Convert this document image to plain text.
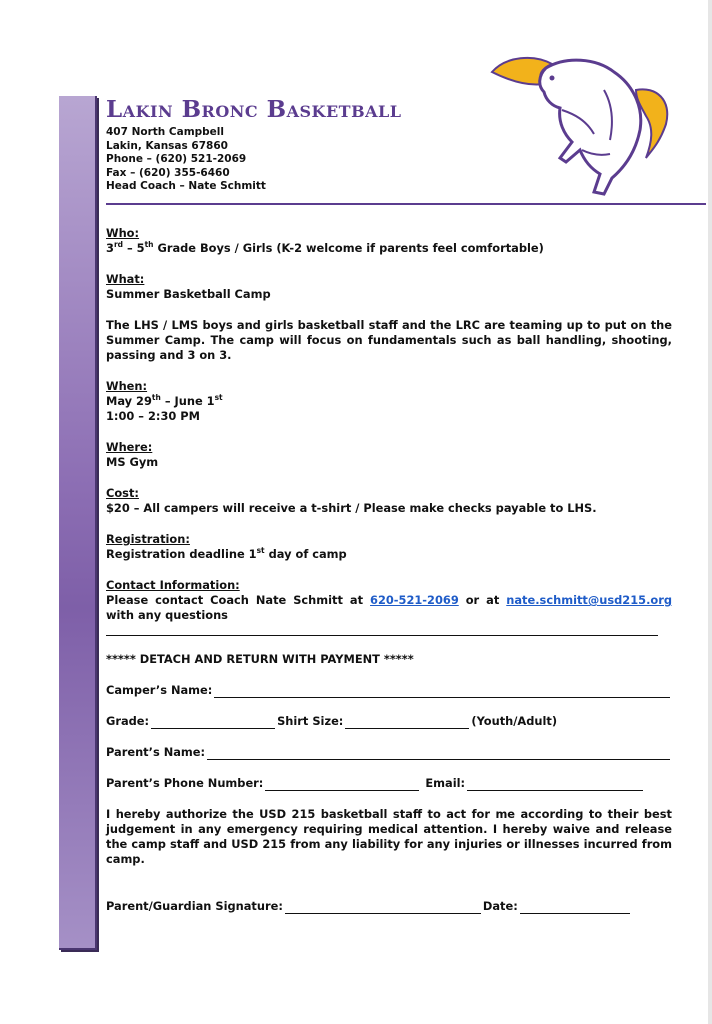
Lakin Bronc Basketball
407 North Campbell
Lakin, Kansas 67860
Phone – (620) 521-2069
Fax – (620) 355-6460
Head Coach – Nate Schmitt
Who:
3rd – 5th Grade Boys / Girls (K-2 welcome if parents feel comfortable)
What:
Summer Basketball Camp
The LHS / LMS boys and girls basketball staff and the LRC are teaming up to put on the Summer Camp. The camp will focus on fundamentals such as ball handling, shooting, passing and 3 on 3.
When:
May 29th – June 1st
1:00 – 2:30 PM
Where:
MS Gym
Cost:
$20 – All campers will receive a t-shirt / Please make checks payable to LHS.
Registration:
Registration deadline 1st day of camp
Contact Information:
Please contact Coach Nate Schmitt at 620-521-2069 or at nate.schmitt@usd215.org with any questions
***** DETACH AND RETURN WITH PAYMENT *****
Camper’s Name:
Grade:	Shirt Size:	(Youth/Adult)
Parent’s Name:
Parent’s Phone Number:	Email:
I hereby authorize the USD 215 basketball staff to act for me according to their best judgement in any emergency requiring medical attention. I hereby waive and release the camp staff and USD 215 from any liability for any injuries or illnesses incurred from camp.
Parent/Guardian Signature:	Date:
